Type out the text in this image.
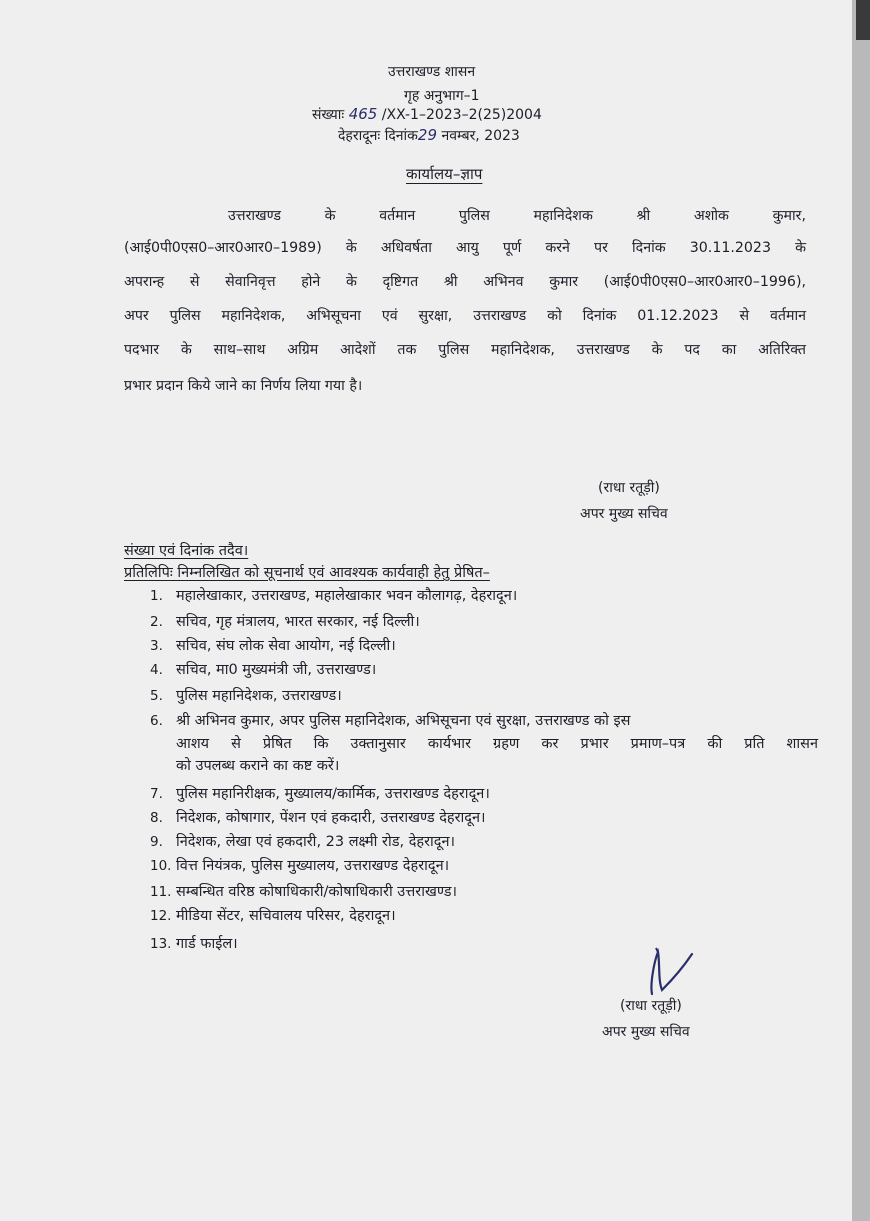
उत्तराखण्ड शासन
गृह अनुभाग–1
संख्याः 465 /XX-1–2023–2(25)2004
देहरादूनः दिनांक29 नवम्बर, 2023
कार्यालय–ज्ञाप
उत्तराखण्ड के वर्तमान पुलिस महानिदेशक श्री अशोक कुमार,
(आई0पी0एस0–आर0आर0–1989) के अधिवर्षता आयु पूर्ण करने पर दिनांक 30.11.2023 के
अपरान्ह से सेवानिवृत्त होने के दृष्टिगत श्री अभिनव कुमार (आई0पी0एस0–आर0आर0–1996),
अपर पुलिस महानिदेशक, अभिसूचना एवं सुरक्षा, उत्तराखण्ड को दिनांक 01.12.2023 से वर्तमान
पदभार के साथ–साथ अग्रिम आदेशों तक पुलिस महानिदेशक, उत्तराखण्ड के पद का अतिरिक्त
प्रभार प्रदान किये जाने का निर्णय लिया गया है।
(राधा रतूड़ी)
अपर मुख्य सचिव
संख्या एवं दिनांक तदैव।
प्रतिलिपिः निम्नलिखित को सूचनार्थ एवं आवश्यक कार्यवाही हेतु प्रेषित–
1. महालेखाकार, उत्तराखण्ड, महालेखाकार भवन कौलागढ़, देहरादून।
2. सचिव, गृह मंत्रालय, भारत सरकार, नई दिल्ली।
3. सचिव, संघ लोक सेवा आयोग, नई दिल्ली।
4. सचिव, मा0 मुख्यमंत्री जी, उत्तराखण्ड।
5. पुलिस महानिदेशक, उत्तराखण्ड।
6. श्री अभिनव कुमार, अपर पुलिस महानिदेशक, अभिसूचना एवं सुरक्षा, उत्तराखण्ड को इस
आशय से प्रेषित कि उक्तानुसार कार्यभार ग्रहण कर प्रभार प्रमाण–पत्र की प्रति शासन
को उपलब्ध कराने का कष्ट करें।
7. पुलिस महानिरीक्षक, मुख्यालय/कार्मिक, उत्तराखण्ड देहरादून।
8. निदेशक, कोषागार, पेंशन एवं हकदारी, उत्तराखण्ड देहरादून।
9. निदेशक, लेखा एवं हकदारी, 23 लक्ष्मी रोड, देहरादून।
10. वित्त नियंत्रक, पुलिस मुख्यालय, उत्तराखण्ड देहरादून।
11. सम्बन्धित वरिष्ठ कोषाधिकारी/कोषाधिकारी उत्तराखण्ड।
12. मीडिया सेंटर, सचिवालय परिसर, देहरादून।
13. गार्ड फाईल।
(राधा रतूड़ी)
अपर मुख्य सचिव
